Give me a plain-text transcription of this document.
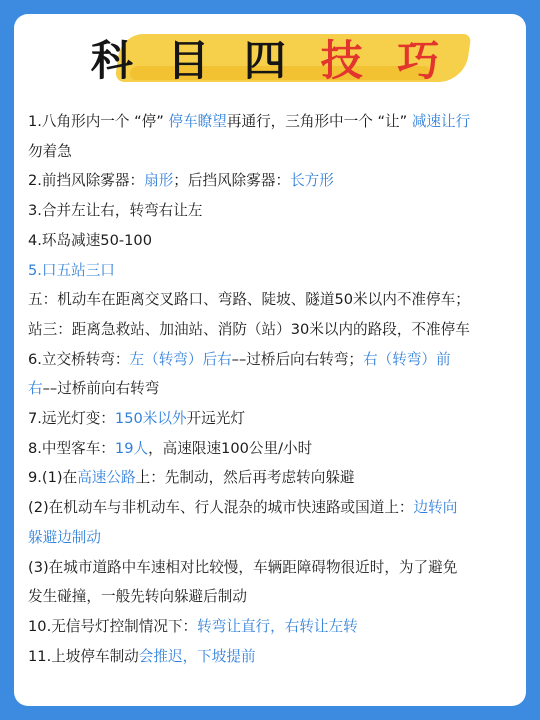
科 目 四 技 巧
1.八角形内一个 “停” 停车瞭望再通行，三角形中一个 “让” 减速让行
勿着急
2.前挡风除雾器：扇形；后挡风除雾器：长方形
3.合并左让右，转弯右让左
4.环岛减速50-100
5.口五站三口
五：机动车在距离交叉路口、弯路、陡坡、隧道50米以内不准停车；
站三：距离急救站、加油站、消防（站）30米以内的路段，不准停车
6.立交桥转弯：左（转弯）后右––过桥后向右转弯；右（转弯）前
右––过桥前向右转弯
7.远光灯变：150米以外开远光灯
8.中型客车：19人，高速限速100公里/小时
9.(1)在高速公路上：先制动，然后再考虑转向躲避
(2)在机动车与非机动车、行人混杂的城市快速路或国道上：边转向
躲避边制动
(3)在城市道路中车速相对比较慢，车辆距障碍物很近时，为了避免
发生碰撞，一般先转向躲避后制动
10.无信号灯控制情况下：转弯让直行，右转让左转
11.上坡停车制动会推迟，下坡提前
